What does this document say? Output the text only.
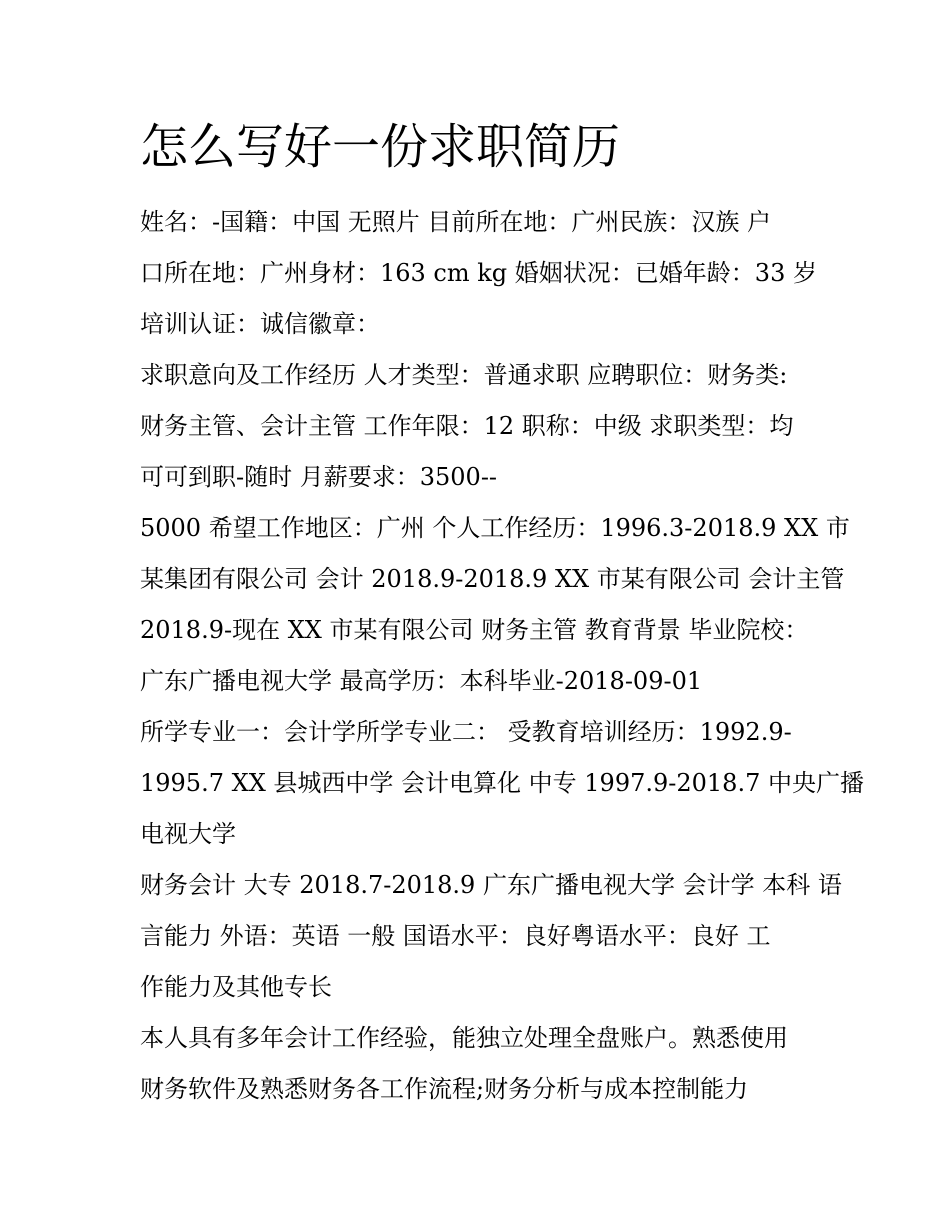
怎么写好一份求职简历

姓名：-国籍：中国 无照片 目前所在地：广州民族：汉族 户

口所在地：广州身材：163 cm kg 婚姻状况：已婚年龄：33 岁

培训认证：诚信徽章：

求职意向及工作经历 人才类型：普通求职 应聘职位：财务类:

财务主管、会计主管 工作年限：12 职称：中级 求职类型：均

可可到职-随时 月薪要求：3500--

5000 希望工作地区：广州 个人工作经历：1996.3-2018.9 XX 市

某集团有限公司 会计 2018.9-2018.9 XX 市某有限公司 会计主管

2018.9-现在 XX 市某有限公司 财务主管 教育背景 毕业院校：

广东广播电视大学 最高学历：本科毕业-2018-09-01

所学专业一：会计学所学专业二： 受教育培训经历：1992.9-

1995.7 XX 县城西中学 会计电算化 中专 1997.9-2018.7 中央广播

电视大学

财务会计 大专 2018.7-2018.9 广东广播电视大学 会计学 本科 语

言能力 外语：英语 一般 国语水平：良好粤语水平：良好 工

作能力及其他专长

本人具有多年会计工作经验，能独立处理全盘账户。熟悉使用

财务软件及熟悉财务各工作流程;财务分析与成本控制能力
